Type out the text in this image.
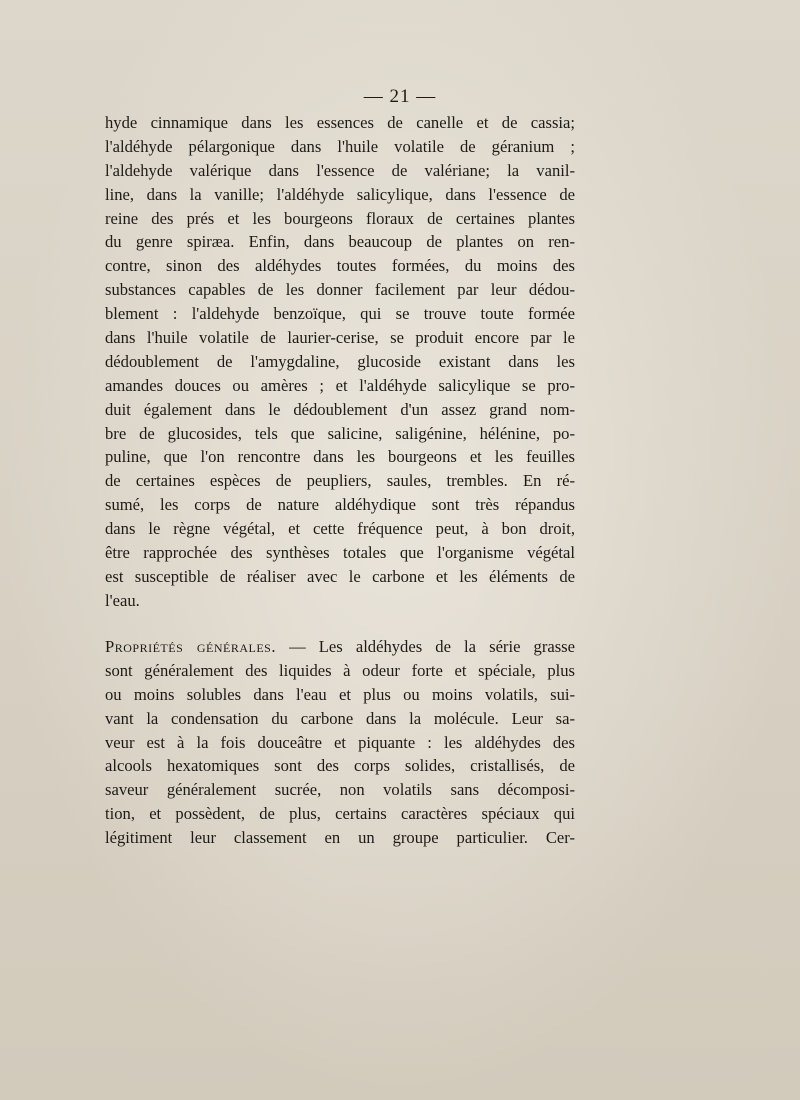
— 21 —
hyde cinnamique dans les essences de canelle et de cassia;
l'aldéhyde pélargonique dans l'huile volatile de géranium ;
l'aldehyde valérique dans l'essence de valériane; la vanil-
line, dans la vanille; l'aldéhyde salicylique, dans l'essence de
reine des prés et les bourgeons floraux de certaines plantes
du genre spiræa. Enfin, dans beaucoup de plantes on ren-
contre, sinon des aldéhydes toutes formées, du moins des
substances capables de les donner facilement par leur dédou-
blement : l'aldehyde benzoïque, qui se trouve toute formée
dans l'huile volatile de laurier-cerise, se produit encore par le
dédoublement de l'amygdaline, glucoside existant dans les
amandes douces ou amères ; et l'aldéhyde salicylique se pro-
duit également dans le dédoublement d'un assez grand nom-
bre de glucosides, tels que salicine, saligénine, hélénine, po-
puline, que l'on rencontre dans les bourgeons et les feuilles
de certaines espèces de peupliers, saules, trembles. En ré-
sumé, les corps de nature aldéhydique sont très répandus
dans le règne végétal, et cette fréquence peut, à bon droit,
être rapprochée des synthèses totales que l'organisme végétal
est susceptible de réaliser avec le carbone et les éléments de
l'eau.
Propriétés générales. — Les aldéhydes de la série grasse
sont généralement des liquides à odeur forte et spéciale, plus
ou moins solubles dans l'eau et plus ou moins volatils, sui-
vant la condensation du carbone dans la molécule. Leur sa-
veur est à la fois douceâtre et piquante : les aldéhydes des
alcools hexatomiques sont des corps solides, cristallisés, de
saveur généralement sucrée, non volatils sans décomposi-
tion, et possèdent, de plus, certains caractères spéciaux qui
légitiment leur classement en un groupe particulier. Cer-
